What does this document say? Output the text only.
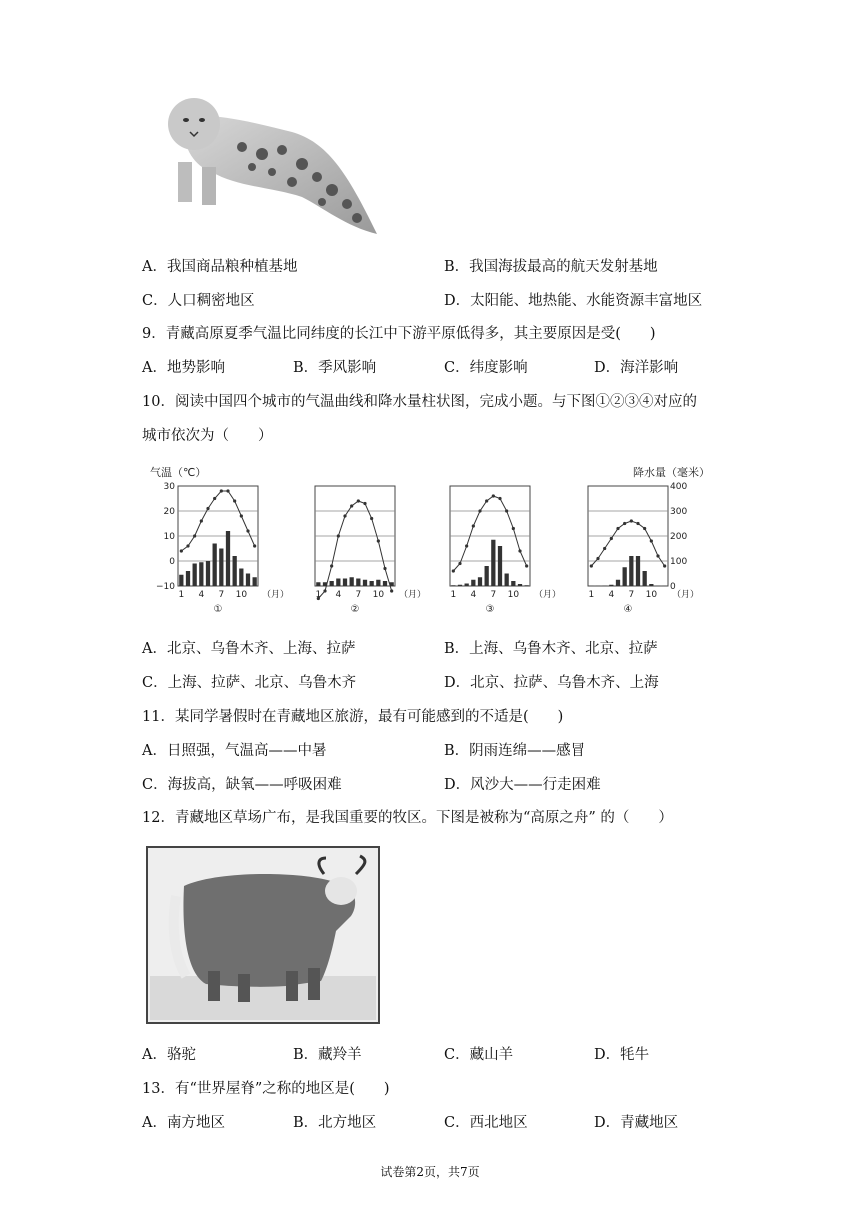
A．我国商品粮种植基地	B．我国海拔最高的航天发射基地
C．人口稠密地区	D．太阳能、地热能、水能资源丰富地区
9．青藏高原夏季气温比同纬度的长江中下游平原低得多，其主要原因是受(　　)
A．地势影响	B．季风影响	C．纬度影响	D．海洋影响
10．阅读中国四个城市的气温曲线和降水量柱状图，完成小题。与下图①②③④对应的
城市依次为（　　）
气温（℃）	降水量（毫米）
1 4 7 10 （月）
①
1 4 7 10 （月）
②
1 4 7 10 （月）
③
1 4 7 10 （月）
④
30
20
10
0
−10
400
300
200
100
0
A．北京、乌鲁木齐、上海、拉萨	B．上海、乌鲁木齐、北京、拉萨
C．上海、拉萨、北京、乌鲁木齐	D．北京、拉萨、乌鲁木齐、上海
11．某同学暑假时在青藏地区旅游，最有可能感到的不适是(　　)
A．日照强，气温高——中暑	B．阴雨连绵——感冒
C．海拔高，缺氧——呼吸困难	D．风沙大——行走困难
12．青藏地区草场广布，是我国重要的牧区。下图是被称为“高原之舟” 的（　　）
A．骆驼	B．藏羚羊	C．藏山羊	D．牦牛
13．有“世界屋脊”之称的地区是(　　)
A．南方地区	B．北方地区	C．西北地区	D．青藏地区
试卷第2页，共7页
